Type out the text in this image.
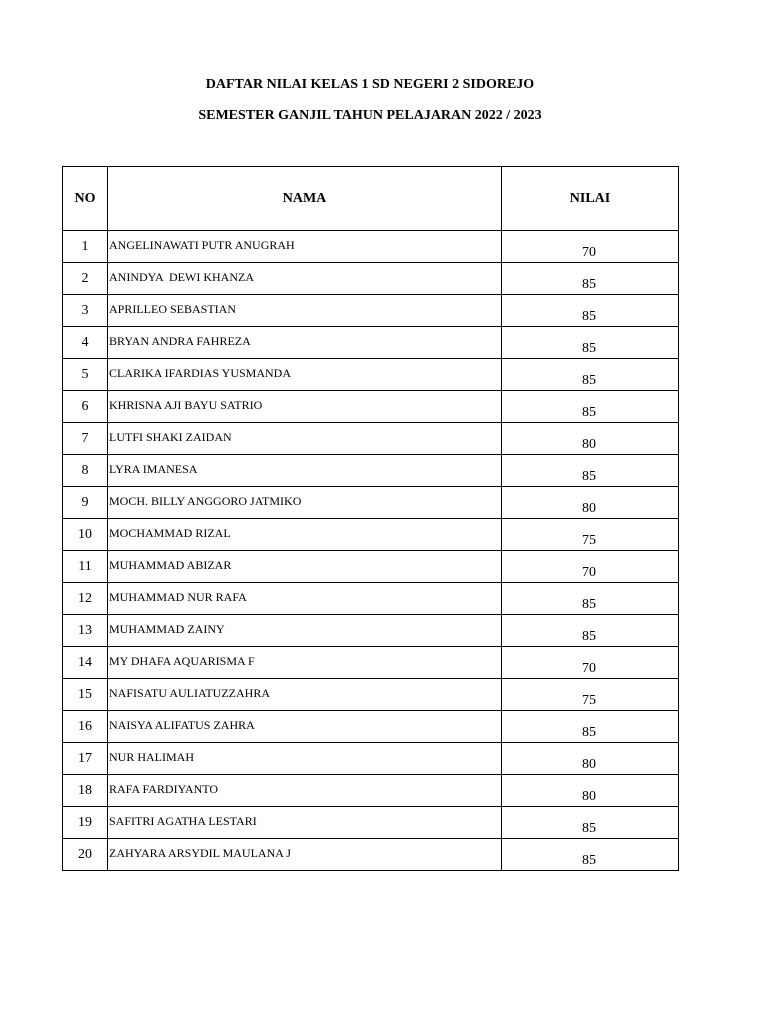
DAFTAR NILAI KELAS 1 SD NEGERI 2 SIDOREJO
SEMESTER GANJIL TAHUN PELAJARAN 2022 / 2023
NO	NAMA	NILAI
1	ANGELINAWATI PUTR ANUGRAH	70
2	ANINDYA  DEWI KHANZA	85
3	APRILLEO SEBASTIAN	85
4	BRYAN ANDRA FAHREZA	85
5	CLARIKA IFARDIAS YUSMANDA	85
6	KHRISNA AJI BAYU SATRIO	85
7	LUTFI SHAKI ZAIDAN	80
8	LYRA IMANESA	85
9	MOCH. BILLY ANGGORO JATMIKO	80
10	MOCHAMMAD RIZAL	75
11	MUHAMMAD ABIZAR	70
12	MUHAMMAD NUR RAFA	85
13	MUHAMMAD ZAINY	85
14	MY DHAFA AQUARISMA F	70
15	NAFISATU AULIATUZZAHRA	75
16	NAISYA ALIFATUS ZAHRA	85
17	NUR HALIMAH	80
18	RAFA FARDIYANTO	80
19	SAFITRI AGATHA LESTARI	85
20	ZAHYARA ARSYDIL MAULANA J	85
